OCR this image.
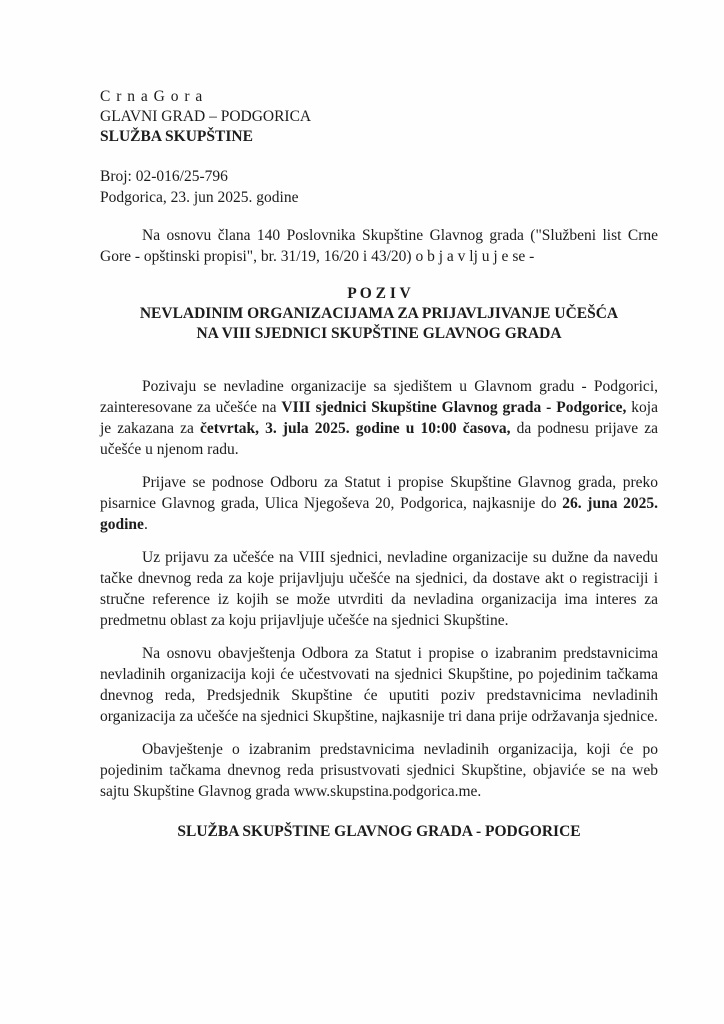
C r n a G o r a
GLAVNI GRAD – PODGORICA
SLUŽBA SKUPŠTINE
Broj: 02-016/25-796
Podgorica, 23. jun 2025. godine

Na osnovu člana 140 Poslovnika Skupštine Glavnog grada ("Službeni list Crne Gore - opštinski propisi", br. 31/19, 16/20 i 43/20) o b j a v lj u j e se -

P O Z I V
NEVLADINIM ORGANIZACIJAMA ZA PRIJAVLJIVANJE UČEŠĆA
NA VIII SJEDNICI SKUPŠTINE GLAVNOG GRADA

Pozivaju se nevladine organizacije sa sjedištem u Glavnom gradu - Podgorici, zainteresovane za učešće na VIII sjednici Skupštine Glavnog grada - Podgorice, koja je zakazana za četvrtak, 3. jula 2025. godine u 10:00 časova, da podnesu prijave za učešće u njenom radu.

Prijave se podnose Odboru za Statut i propise Skupštine Glavnog grada, preko pisarnice Glavnog grada, Ulica Njegoševa 20, Podgorica, najkasnije do 26. juna 2025. godine.

Uz prijavu za učešće na VIII sjednici, nevladine organizacije su dužne da navedu tačke dnevnog reda za koje prijavljuju učešće na sjednici, da dostave akt o registraciji i stručne reference iz kojih se može utvrditi da nevladina organizacija ima interes za predmetnu oblast za koju prijavljuje učešće na sjednici Skupštine.

Na osnovu obavještenja Odbora za Statut i propise o izabranim predstavnicima nevladinih organizacija koji će učestvovati na sjednici Skupštine, po pojedinim tačkama dnevnog reda, Predsjednik Skupštine će uputiti poziv predstavnicima nevladinih organizacija za učešće na sjednici Skupštine, najkasnije tri dana prije održavanja sjednice.

Obavještenje o izabranim predstavnicima nevladinih organizacija, koji će po pojedinim tačkama dnevnog reda prisustvovati sjednici Skupštine, objaviće se na web sajtu Skupštine Glavnog grada www.skupstina.podgorica.me.

SLUŽBA SKUPŠTINE GLAVNOG GRADA - PODGORICE
